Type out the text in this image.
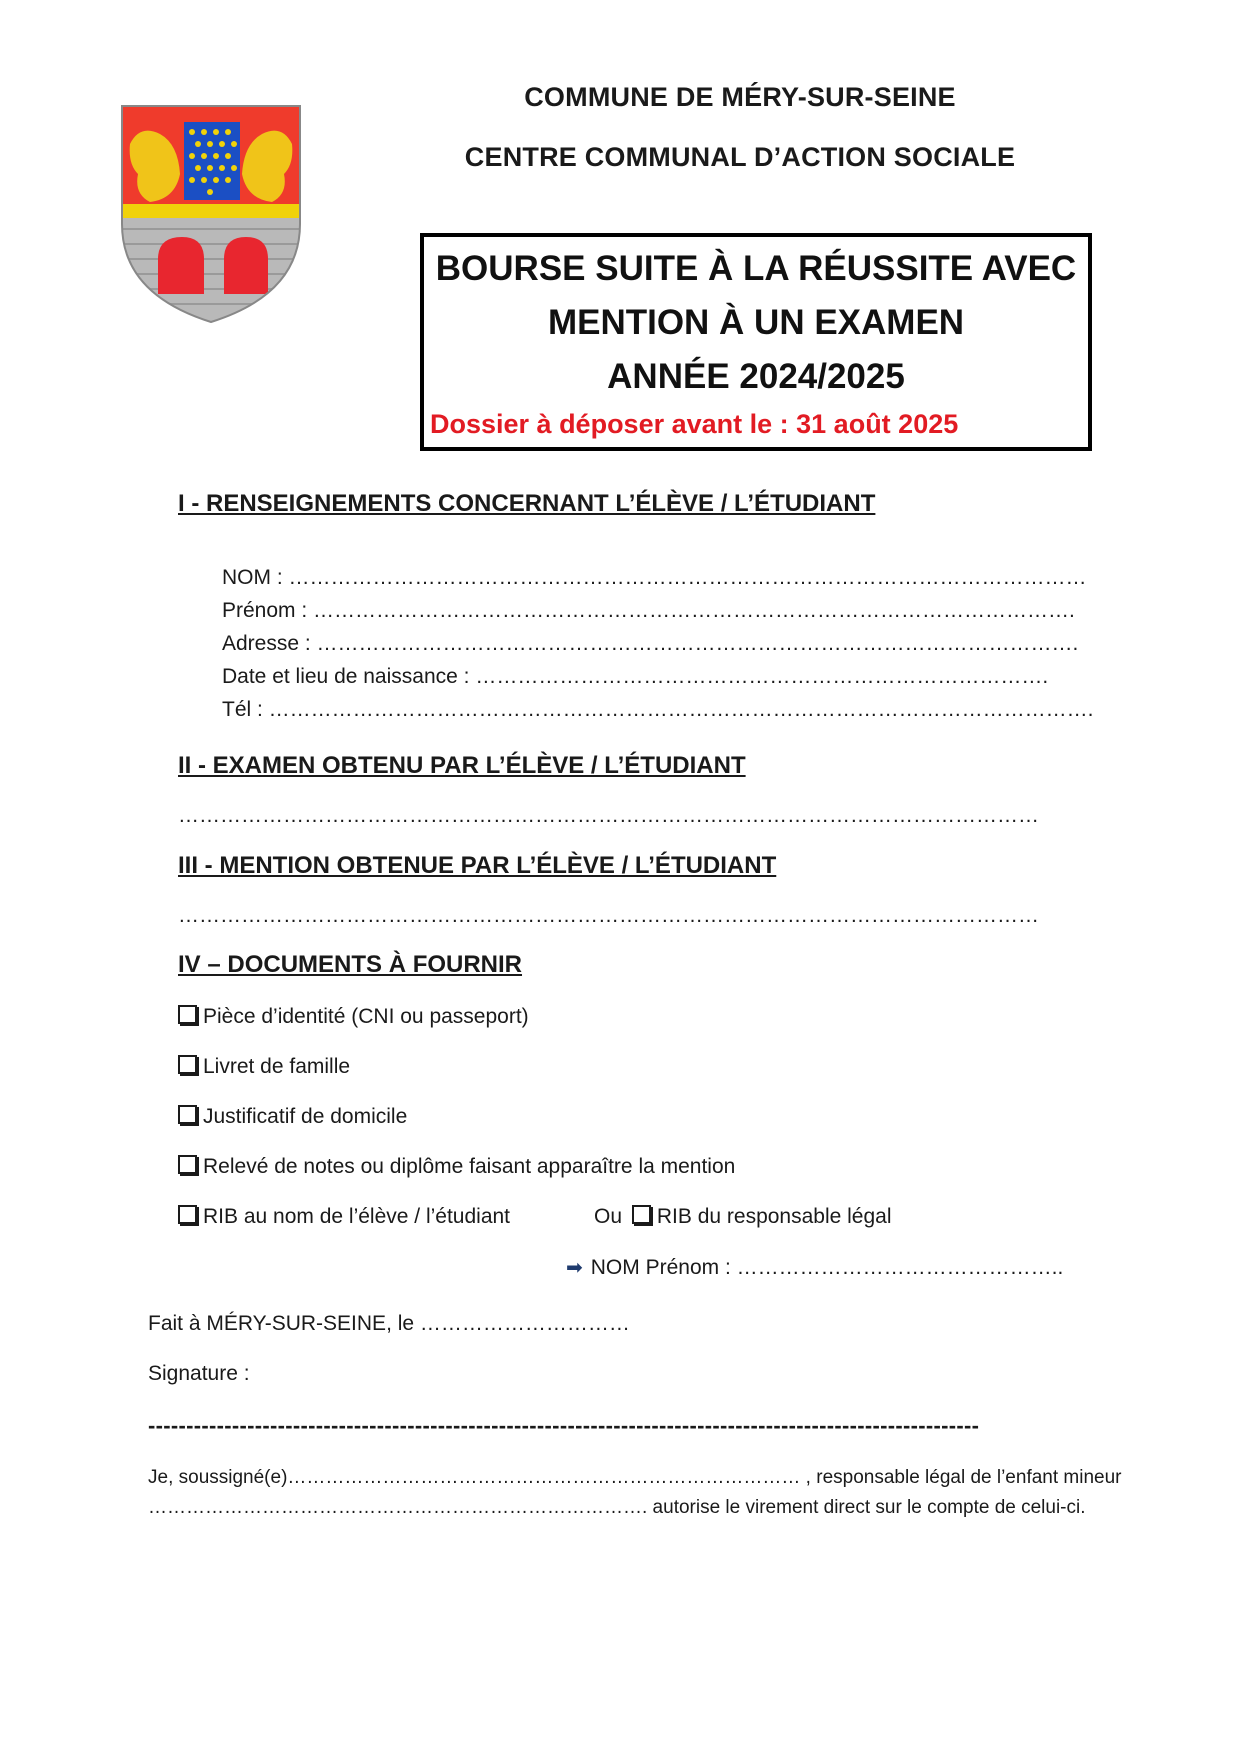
COMMUNE DE MÉRY-SUR-SEINE
CENTRE COMMUNAL D’ACTION SOCIALE
BOURSE SUITE À LA RÉUSSITE AVEC
MENTION À UN EXAMEN
ANNÉE 2024/2025
Dossier à déposer avant le : 31 août 2025
I - RENSEIGNEMENTS CONCERNANT L’ÉLÈVE / L’ÉTUDIANT
NOM : ……………………………………………………………………………………………………
Prénom : ……………………………………………………………………………………………….
Adresse : ……………………………………………………………………………………………….
Date et lieu de naissance : ……………………………………………………………………….
Tél : ……………………………………………………………………………………………………….
II - EXAMEN OBTENU PAR L’ÉLÈVE / L’ÉTUDIANT
……………………………………………………………………………………………………………
III - MENTION OBTENUE PAR L’ÉLÈVE / L’ÉTUDIANT
……………………………………………………………………………………………………………
IV – DOCUMENTS À FOURNIR
Pièce d’identité (CNI ou passeport)
Livret de famille
Justificatif de domicile
Relevé de notes ou diplôme faisant apparaître la mention
RIB au nom de l’élève / l’étudiant	Ou RIB du responsable légal
➡ NOM Prénom : ………………………………………..
Fait à MÉRY-SUR-SEINE, le …………………………
Signature :
-------------------------------------------------------------------------------------------------------------
Je, soussigné(e)……………………………………………………………………… , responsable légal de l’enfant mineur
……………………………………………………………………. autorise le virement direct sur le compte de celui-ci.
